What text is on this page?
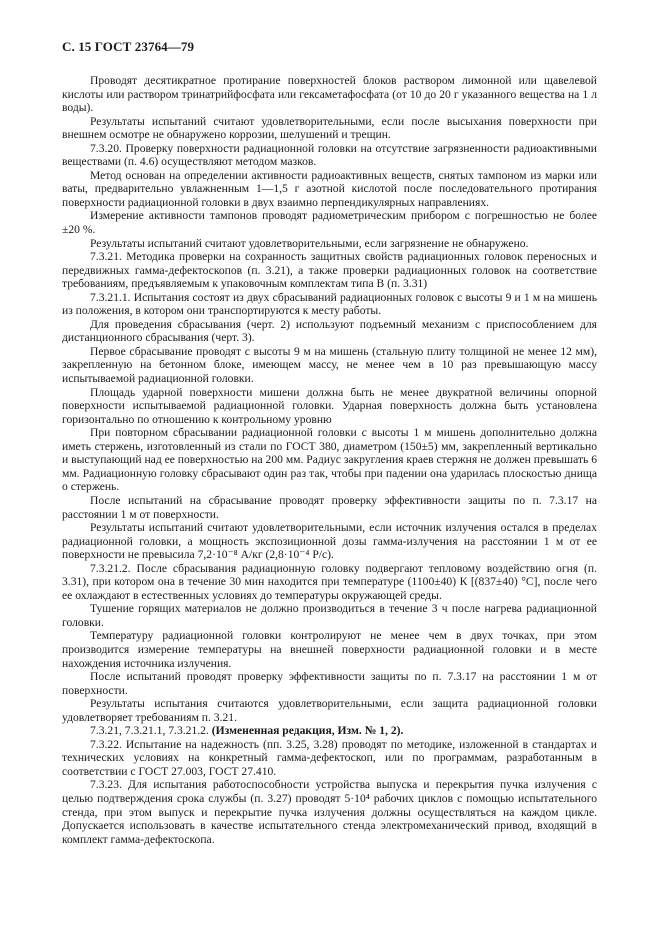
С. 15 ГОСТ 23764—79

Проводят десятикратное протирание поверхностей блоков раствором лимонной или щавелевой кислоты или раствором тринатрийфосфата или гексаметафосфата (от 10 до 20 г указанного вещества на 1 л воды).

Результаты испытаний считают удовлетворительными, если после высыхания поверхности при внешнем осмотре не обнаружено коррозии, шелушений и трещин.

7.3.20. Проверку поверхности радиационной головки на отсутствие загрязненности радиоактивными веществами (п. 4.6) осуществляют методом мазков.

Метод основан на определении активности радиоактивных веществ, снятых тампоном из марки или ваты, предварительно увлажненным 1—1,5 г азотной кислотой после последовательного протирания поверхности радиационной головки в двух взаимно перпендикулярных направлениях.

Измерение активности тампонов проводят радиометрическим прибором с погрешностью не более ±20 %.

Результаты испытаний считают удовлетворительными, если загрязнение не обнаружено.

7.3.21. Методика проверки на сохранность защитных свойств радиационных головок переносных и передвижных гамма-дефектоскопов (п. 3.21), а также проверки радиационных головок на соответствие требованиям, предъявляемым к упаковочным комплектам типа В (п. 3.31)

7.3.21.1. Испытания состоят из двух сбрасываний радиационных головок с высоты 9 и 1 м на мишень из положения, в котором они транспортируются к месту работы.

Для проведения сбрасывания (черт. 2) используют подъемный механизм с приспособлением для дистанционного сбрасывания (черт. 3).

Первое сбрасывание проводят с высоты 9 м на мишень (стальную плиту толщиной не менее 12 мм), закрепленную на бетонном блоке, имеющем массу, не менее чем в 10 раз превышающую массу испытываемой радиационной головки.

Площадь ударной поверхности мишени должна быть не менее двукратной величины опорной поверхности испытываемой радиационной головки. Ударная поверхность должна быть установлена горизонтально по отношению к контрольному уровню

При повторном сбрасывании радиационной головки с высоты 1 м мишень дополнительно должна иметь стержень, изготовленный из стали по ГОСТ 380, диаметром (150±5) мм, закрепленный вертикально и выступающий над ее поверхностью на 200 мм. Радиус закругления краев стержня не должен превышать 6 мм. Радиационную головку сбрасывают один раз так, чтобы при падении она ударилась плоскостью днища о стержень.

После испытаний на сбрасывание проводят проверку эффективности защиты по п. 7.3.17 на расстоянии 1 м от поверхности.

Результаты испытаний считают удовлетворительными, если источник излучения остался в пределах радиационной головки, а мощность экспозиционной дозы гамма-излучения на расстоянии 1 м от ее поверхности не превысила 7,2·10⁻⁸ А/кг (2,8·10⁻⁴ Р/с).

7.3.21.2. После сбрасывания радиационную головку подвергают тепловому воздействию огня (п. 3.31), при котором она в течение 30 мин находится при температуре (1100±40) К [(837±40) °С], после чего ее охлаждают в естественных условиях до температуры окружающей среды.

Тушение горящих материалов не должно производиться в течение 3 ч после нагрева радиационной головки.

Температуру радиационной головки контролируют не менее чем в двух точках, при этом производится измерение температуры на внешней поверхности радиационной головки и в месте нахождения источника излучения.

После испытаний проводят проверку эффективности защиты по п. 7.3.17 на расстоянии 1 м от поверхности.

Результаты испытания считаются удовлетворительными, если защита радиационной головки удовлетворяет требованиям п. 3.21.

7.3.21, 7.3.21.1, 7.3.21.2. (Измененная редакция, Изм. № 1, 2).

7.3.22. Испытание на надежность (пп. 3.25, 3.28) проводят по методике, изложенной в стандартах и технических условиях на конкретный гамма-дефектоскоп, или по программам, разработанным в соответствии с ГОСТ 27.003, ГОСТ 27.410.

7.3.23. Для испытания работоспособности устройства выпуска и перекрытия пучка излучения с целью подтверждения срока службы (п. 3.27) проводят 5·10⁴ рабочих циклов с помощью испытательного стенда, при этом выпуск и перекрытие пучка излучения должны осуществляться на каждом цикле. Допускается использовать в качестве испытательного стенда электромеханический привод, входящий в комплект гамма-дефектоскопа.
